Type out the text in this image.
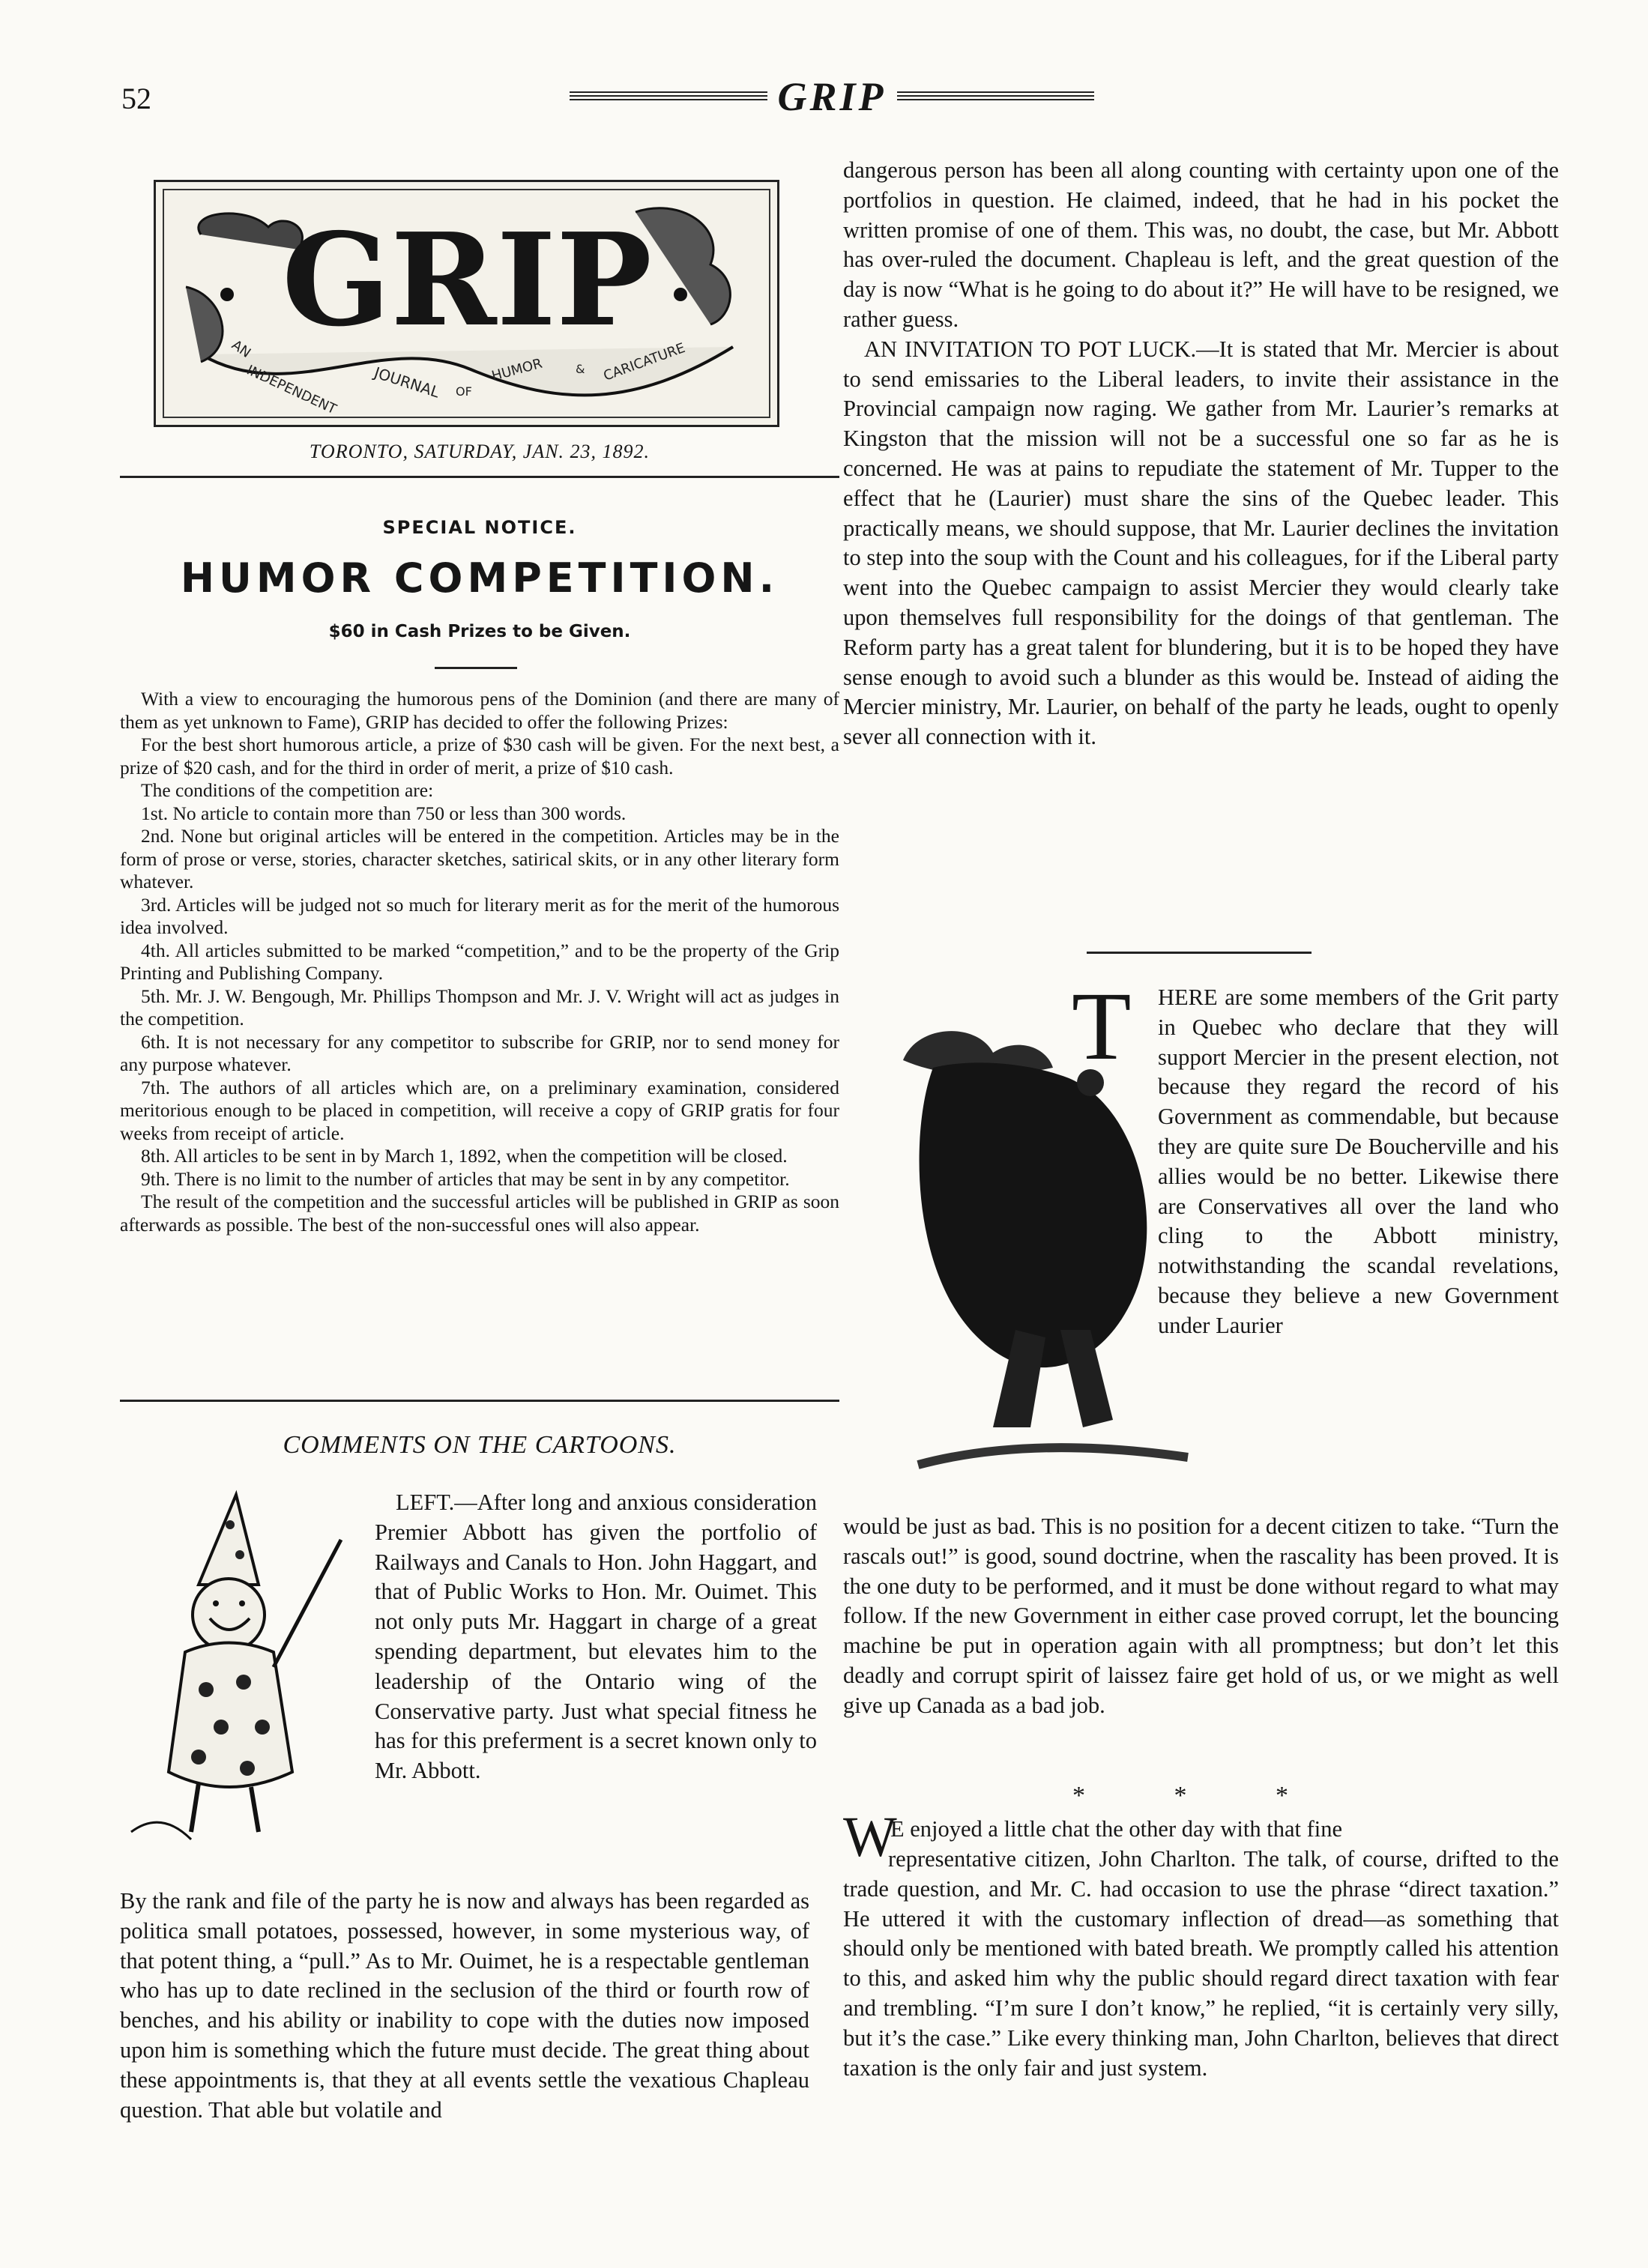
52	GRIP
GRIP
AN
INDEPENDENT JOURNAL OF
HUMOR	& CARICATURE
TORONTO, SATURDAY, JAN. 23, 1892.
SPECIAL NOTICE.
HUMOR COMPETITION.
$60 in Cash Prizes to be Given.

With a view to encouraging the humorous pens of the Dominion (and there are many of them as yet unknown to Fame), GRIP has decided to offer the following Prizes:

For the best short humorous article, a prize of $30 cash will be given. For the next best, a prize of $20 cash, and for the third in order of merit, a prize of $10 cash.

The conditions of the competition are:

1st. No article to contain more than 750 or less than 300 words.

2nd. None but original articles will be entered in the competition. Articles may be in the form of prose or verse, stories, character sketches, satirical skits, or in any other literary form whatever.

3rd. Articles will be judged not so much for literary merit as for the merit of the humorous idea involved.

4th. All articles submitted to be marked “competition,” and to be the property of the Grip Printing and Publishing Company.

5th. Mr. J. W. Bengough, Mr. Phillips Thompson and Mr. J. V. Wright will act as judges in the competition.

6th. It is not necessary for any competitor to subscribe for GRIP, nor to send money for any purpose whatever.

7th. The authors of all articles which are, on a preliminary examination, considered meritorious enough to be placed in competition, will receive a copy of GRIP gratis for four weeks from receipt of article.

8th. All articles to be sent in by March 1, 1892, when the competition will be closed.

9th. There is no limit to the number of articles that may be sent in by any competitor.

The result of the competition and the successful articles will be published in GRIP as soon afterwards as possible. The best of the non-successful ones will also appear.

COMMENTS ON THE CARTOONS.

LEFT.—After long and anxious consideration Premier Abbott has given the portfolio of Railways and Canals to Hon. John Haggart, and that of Public Works to Hon. Mr. Ouimet. This not only puts Mr. Haggart in charge of a great spending department, but elevates him to the leadership of the Ontario wing of the Conservative party. Just what special fitness he has for this preferment is a secret known only to Mr. Abbott.

By the rank and file of the party he is now and always has been regarded as politica small potatoes, possessed, however, in some mysterious way, of that potent thing, a “pull.” As to Mr. Ouimet, he is a respectable gentleman who has up to date reclined in the seclusion of the third or fourth row of benches, and his ability or inability to cope with the duties now imposed upon him is something which the future must decide. The great thing about these appointments is, that they at all events settle the vexatious Chapleau question. That able but volatile and

dangerous person has been all along counting with certainty upon one of the portfolios in question. He claimed, indeed, that he had in his pocket the written promise of one of them. This was, no doubt, the case, but Mr. Abbott has over-ruled the document. Chapleau is left, and the great question of the day is now “What is he going to do about it?” He will have to be resigned, we rather guess.

AN INVITATION TO POT LUCK.—It is stated that Mr. Mercier is about to send emissaries to the Liberal leaders, to invite their assistance in the Provincial campaign now raging. We gather from Mr. Laurier’s remarks at Kingston that the mission will not be a successful one so far as he is concerned. He was at pains to repudiate the statement of Mr. Tupper to the effect that he (Laurier) must share the sins of the Quebec leader. This practically means, we should suppose, that Mr. Laurier declines the invitation to step into the soup with the Count and his colleagues, for if the Liberal party went into the Quebec campaign to assist Mercier they would clearly take upon themselves full responsibility for the doings of that gentleman. The Reform party has a great talent for blundering, but it is to be hoped they have sense enough to avoid such a blunder as this would be. Instead of aiding the Mercier ministry, Mr. Laurier, on behalf of the party he leads, ought to openly sever all connection with it.

T HERE are some members of the Grit party in Quebec who declare that they will support Mercier in the present election, not because they regard the record of his Government as commendable, but because they are quite sure De Boucherville and his allies would be no better. Likewise there are Conservatives all over the land who cling to the Abbott ministry, notwithstanding the scandal revelations, because they believe a new Government under Laurier

would be just as bad. This is no position for a decent citizen to take. “Turn the rascals out!” is good, sound doctrine, when the rascality has been proved. It is the one duty to be performed, and it must be done without regard to what may follow. If the new Government in either case proved corrupt, let the bouncing machine be put in operation again with all promptness; but don’t let this deadly and corrupt spirit of laissez faire get hold of us, or we might as well give up Canada as a bad job.

* * *
W

E enjoyed a little chat the other day with that fine

representative citizen, John Charlton. The talk, of course, drifted to the trade question, and Mr. C. had occasion to use the phrase “direct taxation.” He uttered it with the customary inflection of dread—as something that should only be mentioned with bated breath. We promptly called his attention to this, and asked him why the public should regard direct taxation with fear and trembling. “I’m sure I don’t know,” he replied, “it is certainly very silly, but it’s the case.” Like every thinking man, John Charlton, believes that direct taxation is the only fair and just system.
